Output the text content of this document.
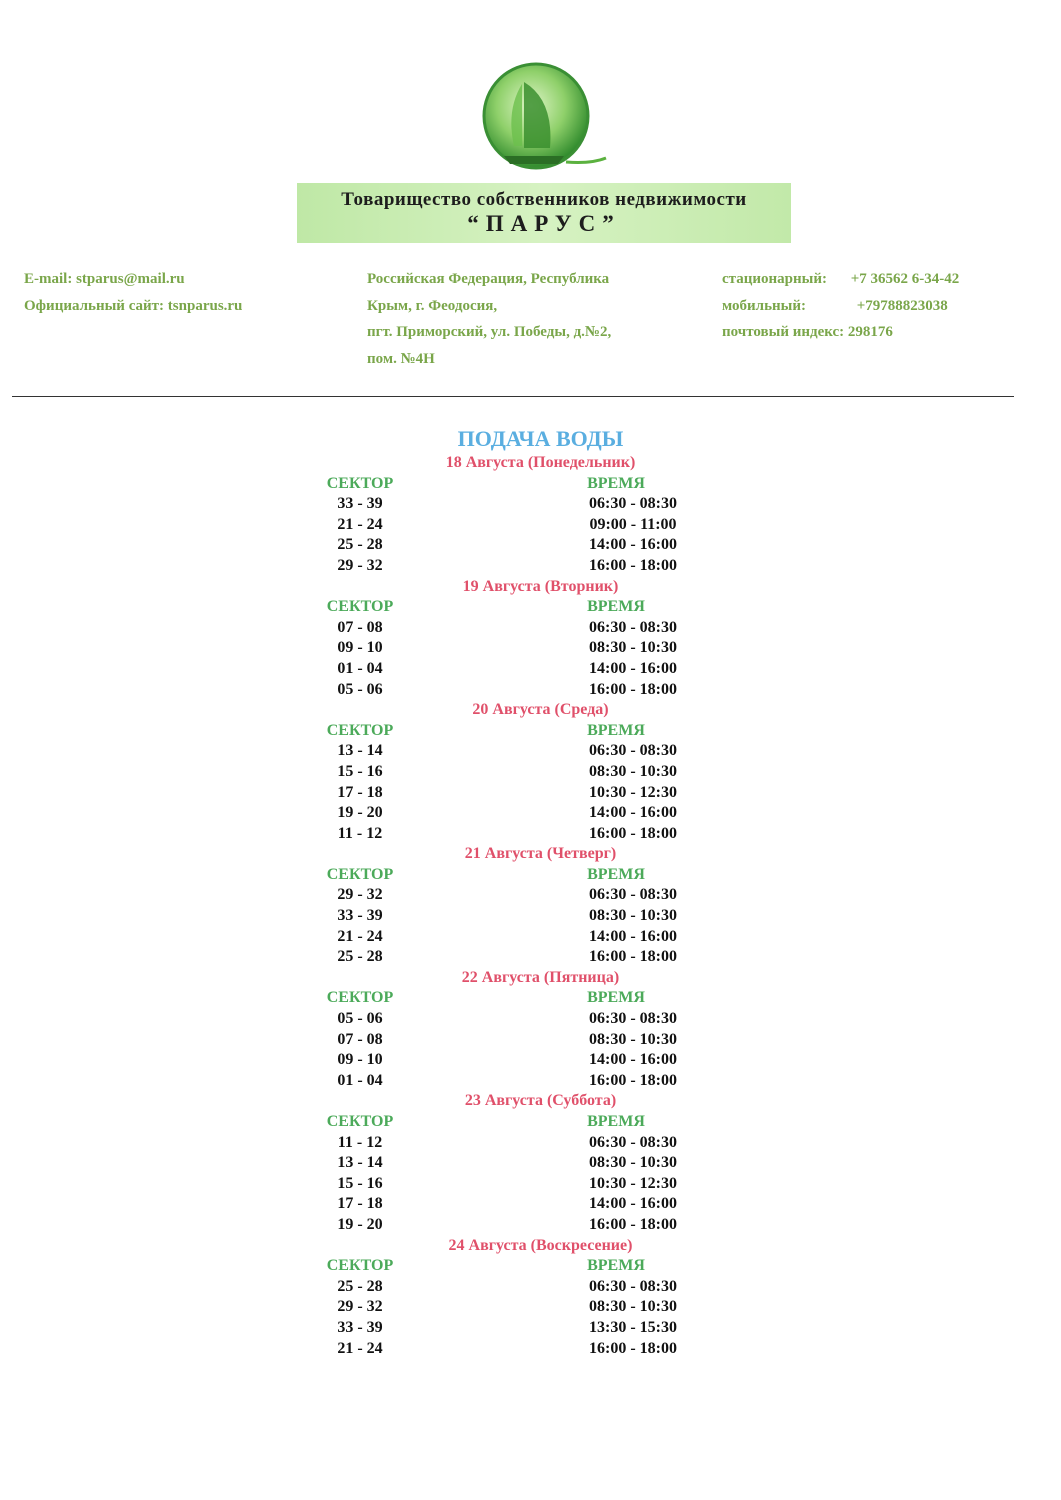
Товарищество собственников недвижимости
“ПАРУС”
E-mail: stparus@mail.ru
Официальный сайт: tsnparus.ru
Российская Федерация, Республика
Крым, г. Феодосия,
пгт. Приморский, ул. Победы, д.№2,
пом. №4Н
стационарный: +7 36562 6-34-42
мобильный:	+79788823038
почтовый индекс: 298176
ПОДАЧА ВОДЫ
18 Августа (Понедельник)
СЕКТОР	ВРЕМЯ
33 - 39	06:30 - 08:30
21 - 24	09:00 - 11:00
25 - 28	14:00 - 16:00
29 - 32	16:00 - 18:00
19 Августа (Вторник)
СЕКТОР	ВРЕМЯ
07 - 08	06:30 - 08:30
09 - 10	08:30 - 10:30
01 - 04	14:00 - 16:00
05 - 06	16:00 - 18:00
20 Августа (Среда)
СЕКТОР	ВРЕМЯ
13 - 14	06:30 - 08:30
15 - 16	08:30 - 10:30
17 - 18	10:30 - 12:30
19 - 20	14:00 - 16:00
11 - 12	16:00 - 18:00
21 Августа (Четверг)
СЕКТОР	ВРЕМЯ
29 - 32	06:30 - 08:30
33 - 39	08:30 - 10:30
21 - 24	14:00 - 16:00
25 - 28	16:00 - 18:00
22 Августа (Пятница)
СЕКТОР	ВРЕМЯ
05 - 06	06:30 - 08:30
07 - 08	08:30 - 10:30
09 - 10	14:00 - 16:00
01 - 04	16:00 - 18:00
23 Августа (Суббота)
СЕКТОР	ВРЕМЯ
11 - 12	06:30 - 08:30
13 - 14	08:30 - 10:30
15 - 16	10:30 - 12:30
17 - 18	14:00 - 16:00
19 - 20	16:00 - 18:00
24 Августа (Воскресение)
СЕКТОР	ВРЕМЯ
25 - 28	06:30 - 08:30
29 - 32	08:30 - 10:30
33 - 39	13:30 - 15:30
21 - 24	16:00 - 18:00
